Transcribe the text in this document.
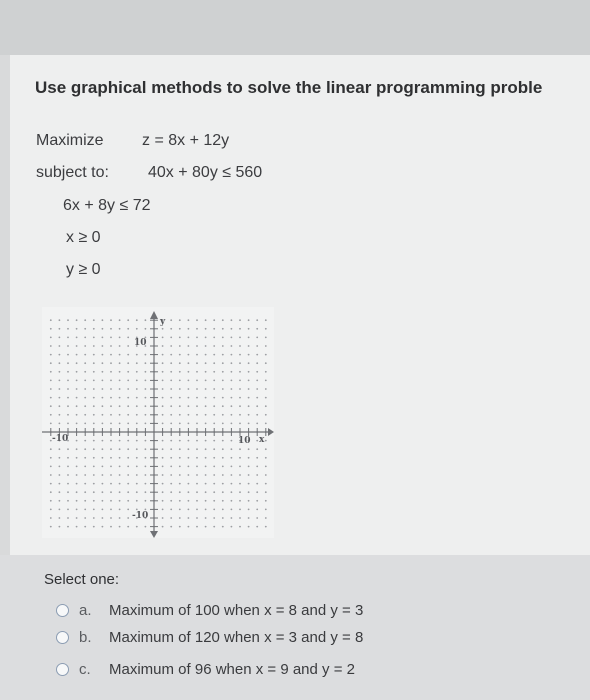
Use graphical methods to solve the linear programming proble
Maximize z = 8x + 12y
subject to: 40x + 80y ≤ 560
6x + 8y ≤ 72
x ≥ 0
y ≥ 0
y
x
10
-10
-10	10
Select one:
a.	Maximum of 100 when x = 8 and y = 3
b.	Maximum of 120 when x = 3 and y = 8
c.	Maximum of 96 when x = 9 and y = 2
